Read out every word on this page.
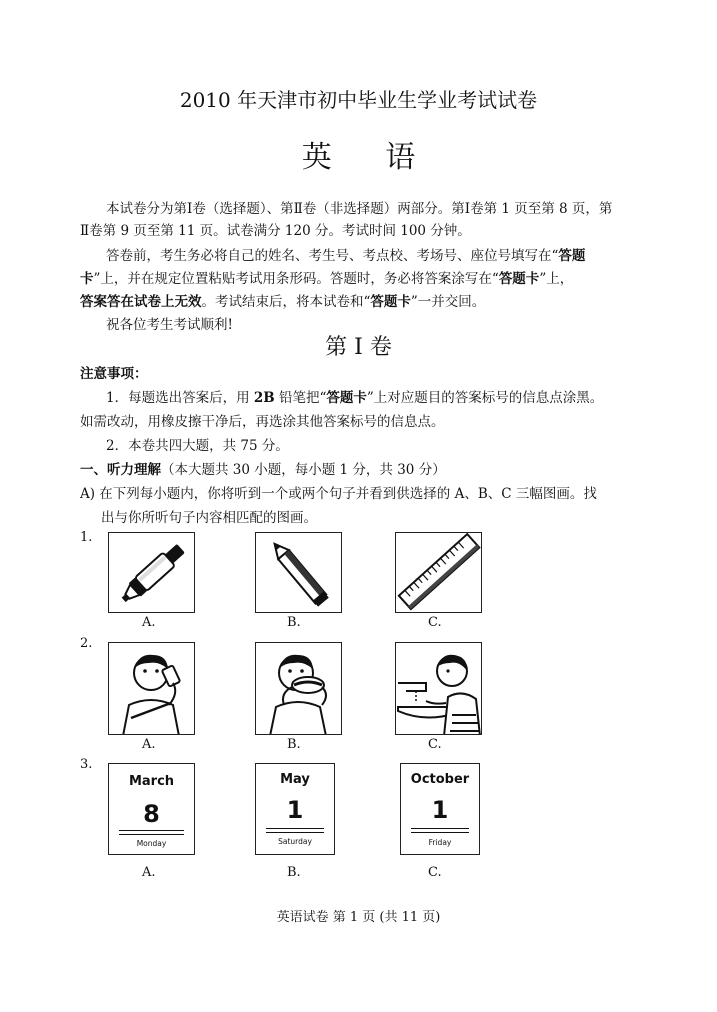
2010 年天津市初中毕业生学业考试试卷
英 语
本试卷分为第Ⅰ卷（选择题）、第Ⅱ卷（非选择题）两部分。第Ⅰ卷第 1 页至第 8 页，第
Ⅱ卷第 9 页至第 11 页。试卷满分 120 分。考试时间 100 分钟。
答卷前，考生务必将自己的姓名、考生号、考点校、考场号、座位号填写在“答题
卡”上，并在规定位置粘贴考试用条形码。答题时，务必将答案涂写在“答题卡”上，
答案答在试卷上无效。考试结束后，将本试卷和“答题卡”一并交回。
祝各位考生考试顺利!
第 I 卷
注意事项：
1．每题选出答案后，用 2B 铅笔把“答题卡”上对应题目的答案标号的信息点涂黑。
如需改动，用橡皮擦干净后，再选涂其他答案标号的信息点。
2．本卷共四大题，共 75 分。
一、听力理解（本大题共 30 小题，每小题 1 分，共 30 分）
A) 在下列每小题内，你将听到一个或两个句子并看到供选择的 A、B、C 三幅图画。找
出与你所听句子内容相匹配的图画。
1.
A.	B.	C.
2.
A.	B.	C.
3.
March
8
Monday
May
1
Saturday
October
1
Friday
A.	B.	C.
英语试卷 第 1 页 (共 11 页)
